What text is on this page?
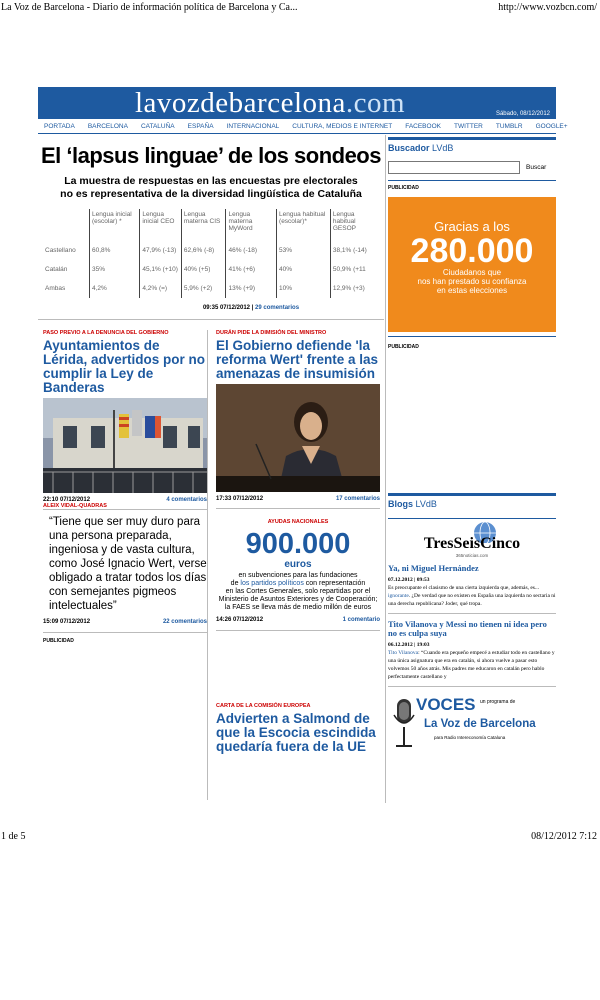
La Voz de Barcelona - Diario de información política de Barcelona y Ca...	http://www.vozbcn.com/
lavozdebarcelona.com	Sábado, 08/12/2012
PORTADA BARCELONA CATALUÑA ESPAÑA INTERNACIONAL CULTURA, MEDIOS E INTERNET FACEBOOK TWITTER TUMBLR GOOGLE+
El ‘lapsus linguae’ de los sondeos
La muestra de respuestas en las encuestas pre electorales
no es representativa de la diversidad lingüística de Cataluña
	Lengua inicial (escolar) *	Lengua inicial CEO	Lengua materna CIS	Lengua materna MyWord	Lengua habitual (escolar)*	Lengua habitual GESOP
Castellano	60,8%	47,9% (-13)	62,6% (-8)	46% (-18)	53%	38,1% (-14)
Catalán	35%	45,1% (+10)	40% (+5)	41% (+6)	40%	50,9% (+11
Ambas	4,2%	4,2% (=)	5,9% (+2)	13% (+9)	10%	12,9% (+3)
09:35 07/12/2012 | 29 comentarios
PASO PREVIO A LA DENUNCIA DEL GOBIERNO
Ayuntamientos de Lérida, advertidos por no cumplir la Ley de Banderas
22:10 07/12/2012	4 comentarios
ALEIX VIDAL-QUADRAS
“Tiene que ser muy duro para una persona preparada, ingeniosa y de vasta cultura, como José Ignacio Wert, verse obligado a tratar todos los días con semejantes pigmeos intelectuales”
15:09 07/12/2012	22 comentarios
PUBLICIDAD
DURÁN PIDE LA DIMISIÓN DEL MINISTRO
El Gobierno defiende 'la reforma Wert' frente a las amenazas de insumisión
17:33 07/12/2012	17 comentarios
AYUDAS NACIONALES
900.000
euros
en subvenciones para las fundaciones
de los partidos políticos con representación
en las Cortes Generales, solo repartidas por el Ministerio de Asuntos Exteriores y de Cooperación; la FAES se lleva más de medio millón de euros
14:26 07/12/2012	1 comentario
CARTA DE LA COMISIÓN EUROPEA
Advierten a Salmond de que la Escocia escindida quedaría fuera de la UE
Buscador LVdB
Buscar
PUBLICIDAD
Gracias a los
280.000
Ciudadanos que
nos han prestado su confianza
en estas elecciones
PUBLICIDAD
Blogs LVdB
TresSeisCinco
365noticias.com
Ya, ni Miguel Hernández
07.12.2012 | 09:53
Es preocupante el clasismo de una cierta izquierda que, además, es... ignorante. ¿De verdad que no existen en España una izquierda no sectaria ni una derecha republicana? Joder, qué tropa.
Tito Vilanova y Messi no tienen ni idea pero no es culpa suya
06.12.2012 | 19:03
Tito Vilanova: “Cuando era pequeño empecé a estudiar todo en castellano y una única asignatura que era en catalán, si ahora vuelve a pasar esto volvemos 50 años atrás. Mis padres me educaron en catalán pero hablo perfectamente castellano y
VOCES un programa de
La Voz de Barcelona
para Radio Intereconomía Cataluna
1 de 5	08/12/2012 7:12
